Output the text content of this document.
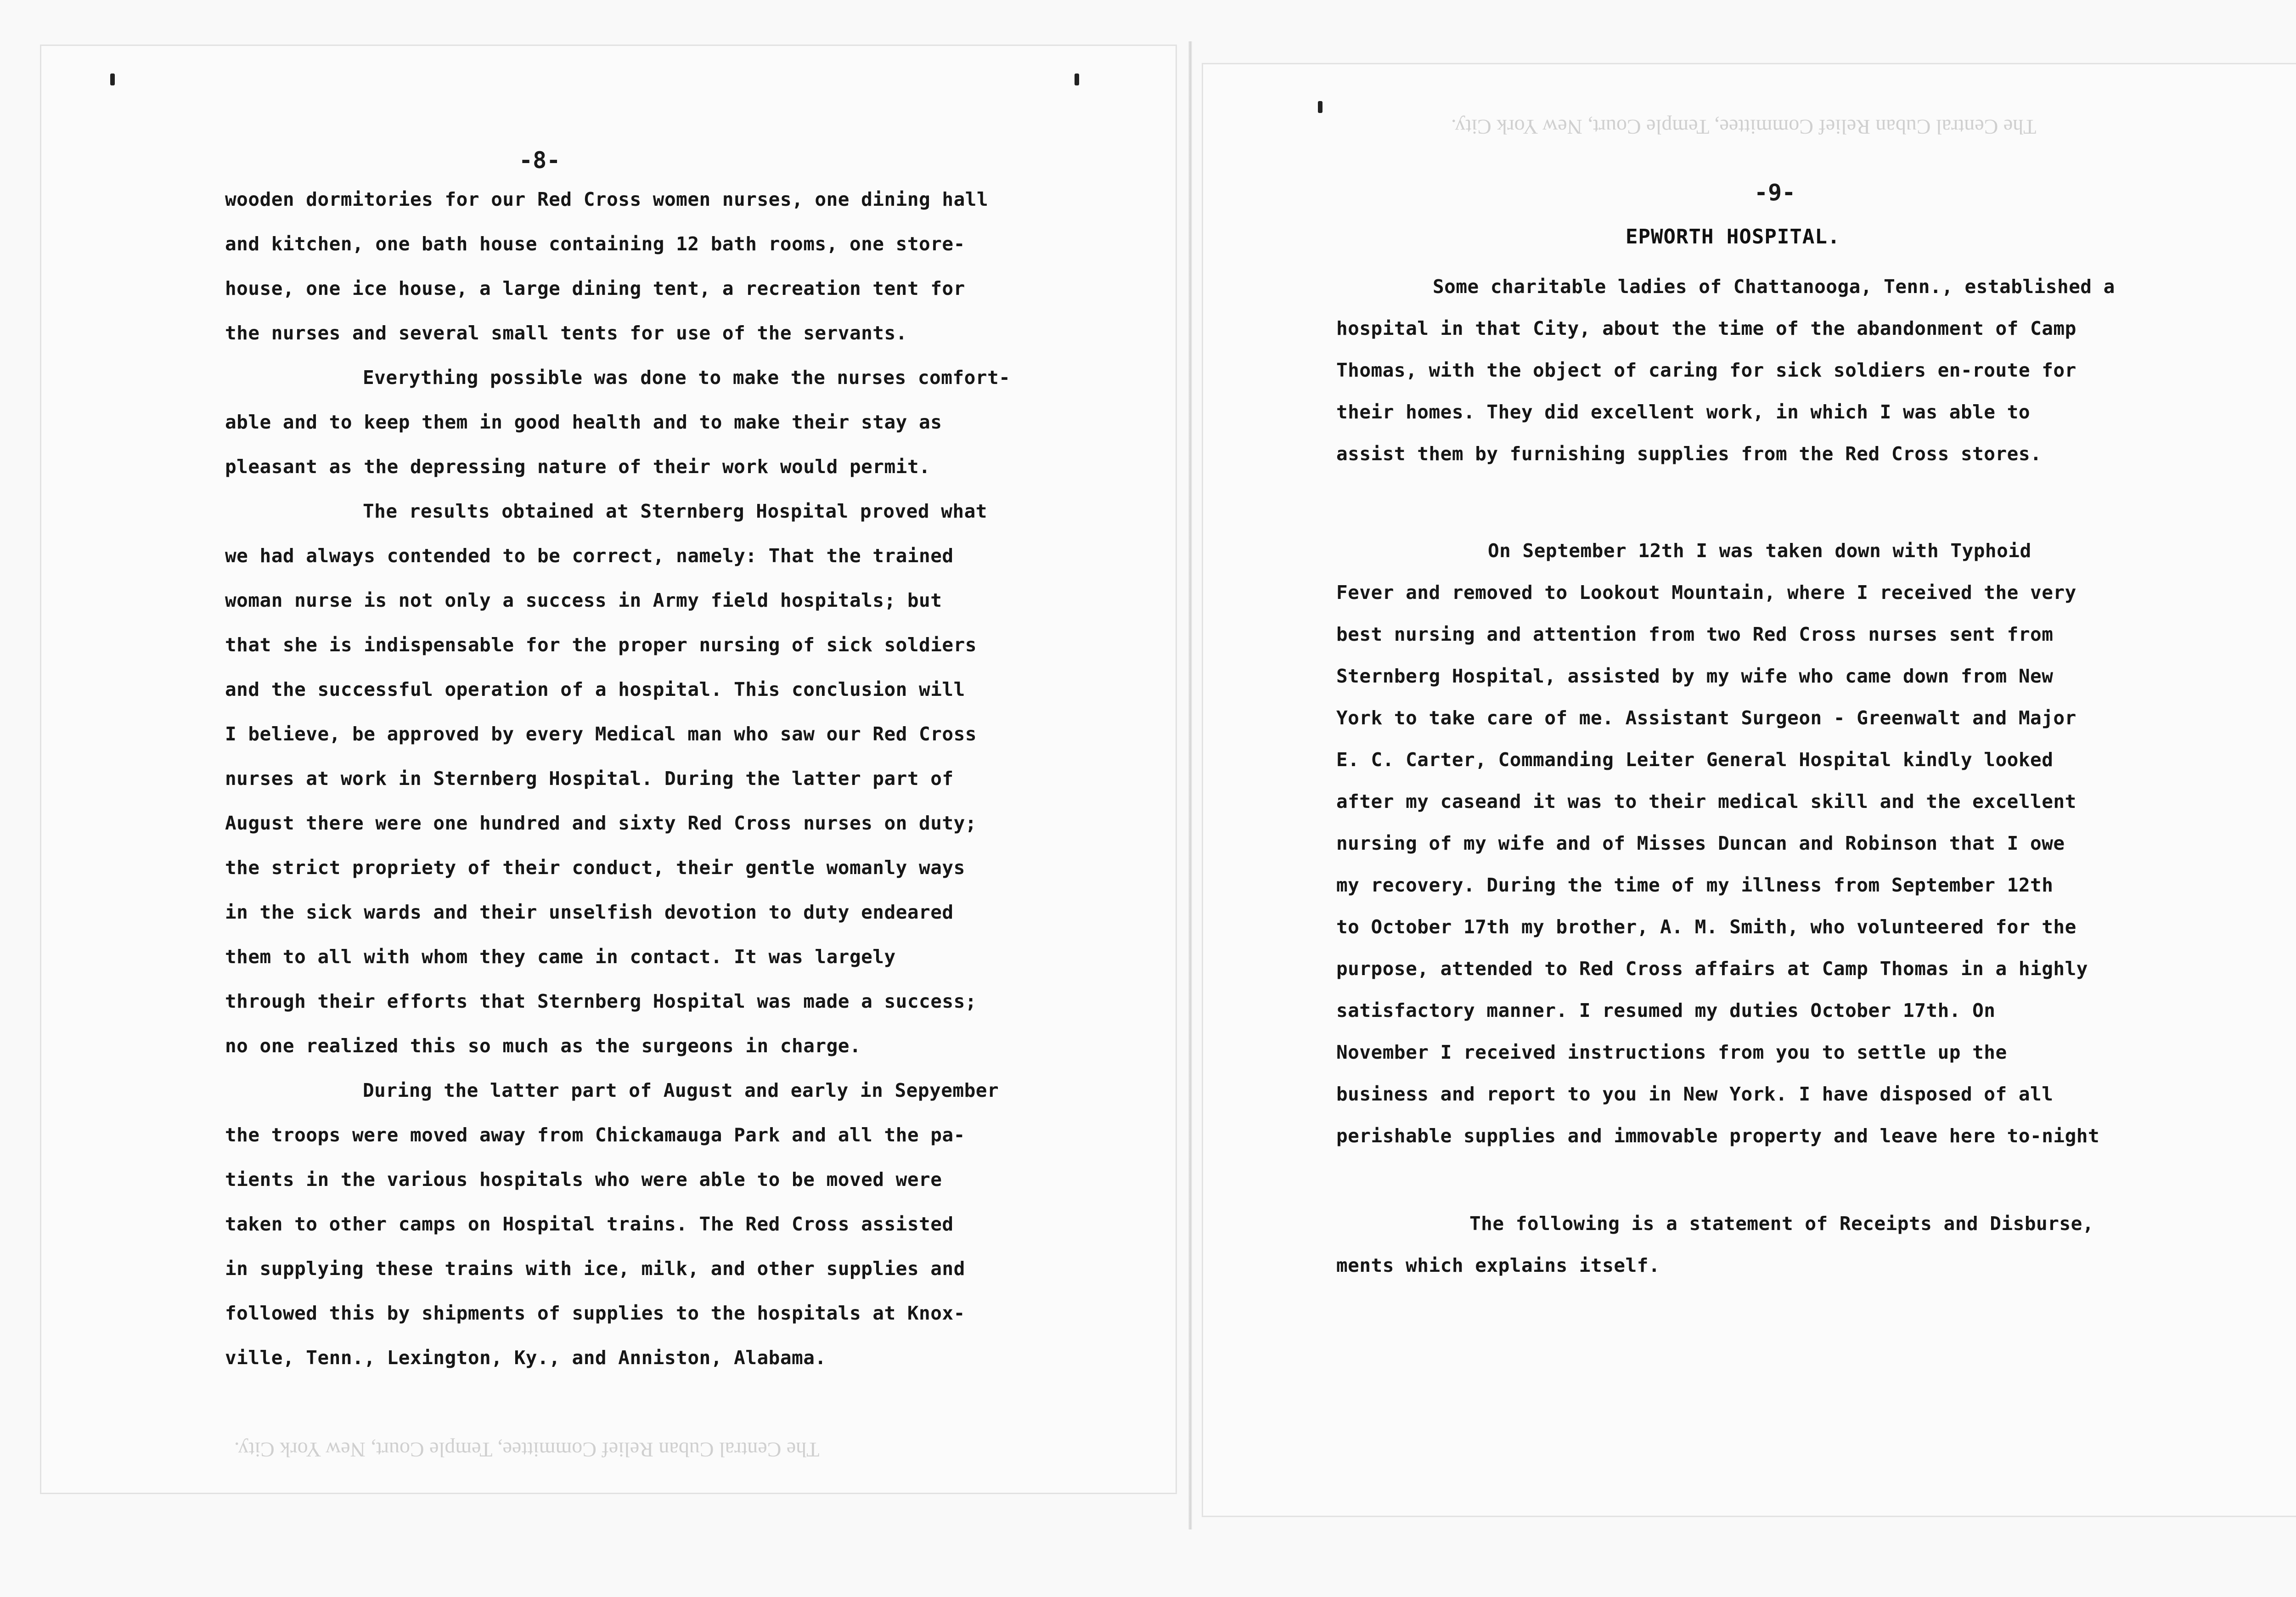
-8-
wooden dormitories for our Red Cross women nurses, one dining hall
and kitchen, one bath house containing 12 bath rooms, one store-
house, one ice house, a large dining tent, a recreation tent for
the nurses and several small tents for use of the servants.
Everything possible was done to make the nurses comfort-
able and to keep them in good health and to make their stay as
pleasant as the depressing nature of their work would permit.
The results obtained at Sternberg Hospital proved what
we had always contended to be correct, namely: That the trained
woman nurse is not only a success in Army field hospitals; but
that she is indispensable for the proper nursing of sick soldiers
and the successful operation of a hospital. This conclusion will
I believe, be approved by every Medical man who saw our Red Cross
nurses at work in Sternberg Hospital. During the latter part of
August there were one hundred and sixty Red Cross nurses on duty;
the strict propriety of their conduct, their gentle womanly ways
in the sick wards and their unselfish devotion to duty endeared
them to all with whom they came in contact. It was largely
through their efforts that Sternberg Hospital was made a success;
no one realized this so much as the surgeons in charge.
During the latter part of August and early in Sepyember
the troops were moved away from Chickamauga Park and all the pa-
tients in the various hospitals who were able to be moved were
taken to other camps on Hospital trains. The Red Cross assisted
in supplying these trains with ice, milk, and other supplies and
followed this by shipments of supplies to the hospitals at Knox-
ville, Tenn., Lexington, Ky., and Anniston, Alabama.
The Central Cuban Relief Committee, Temple Court, New York City.
The Central Cuban Relief Committee, Temple Court, New York City.
-9-
EPWORTH HOSPITAL.
Some charitable ladies of Chattanooga, Tenn., established a
hospital in that City, about the time of the abandonment of Camp
Thomas, with the object of caring for sick soldiers en-route for
their homes. They did excellent work, in which I was able to
assist them by furnishing supplies from the Red Cross stores.
On September 12th I was taken down with Typhoid
Fever and removed to Lookout Mountain, where I received the very
best nursing and attention from two Red Cross nurses sent from
Sternberg Hospital, assisted by my wife who came down from New
York to take care of me. Assistant Surgeon - Greenwalt and Major
E. C. Carter, Commanding Leiter General Hospital kindly looked
after my caseand it was to their medical skill and the excellent
nursing of my wife and of Misses Duncan and Robinson that I owe
my recovery. During the time of my illness from September 12th
to October 17th my brother, A. M. Smith, who volunteered for the
purpose, attended to Red Cross affairs at Camp Thomas in a highly
satisfactory manner. I resumed my duties October 17th. On
November I received instructions from you to settle up the
business and report to you in New York. I have disposed of all
perishable supplies and immovable property and leave here to-night
The following is a statement of Receipts and Disburse,
ments which explains itself.
